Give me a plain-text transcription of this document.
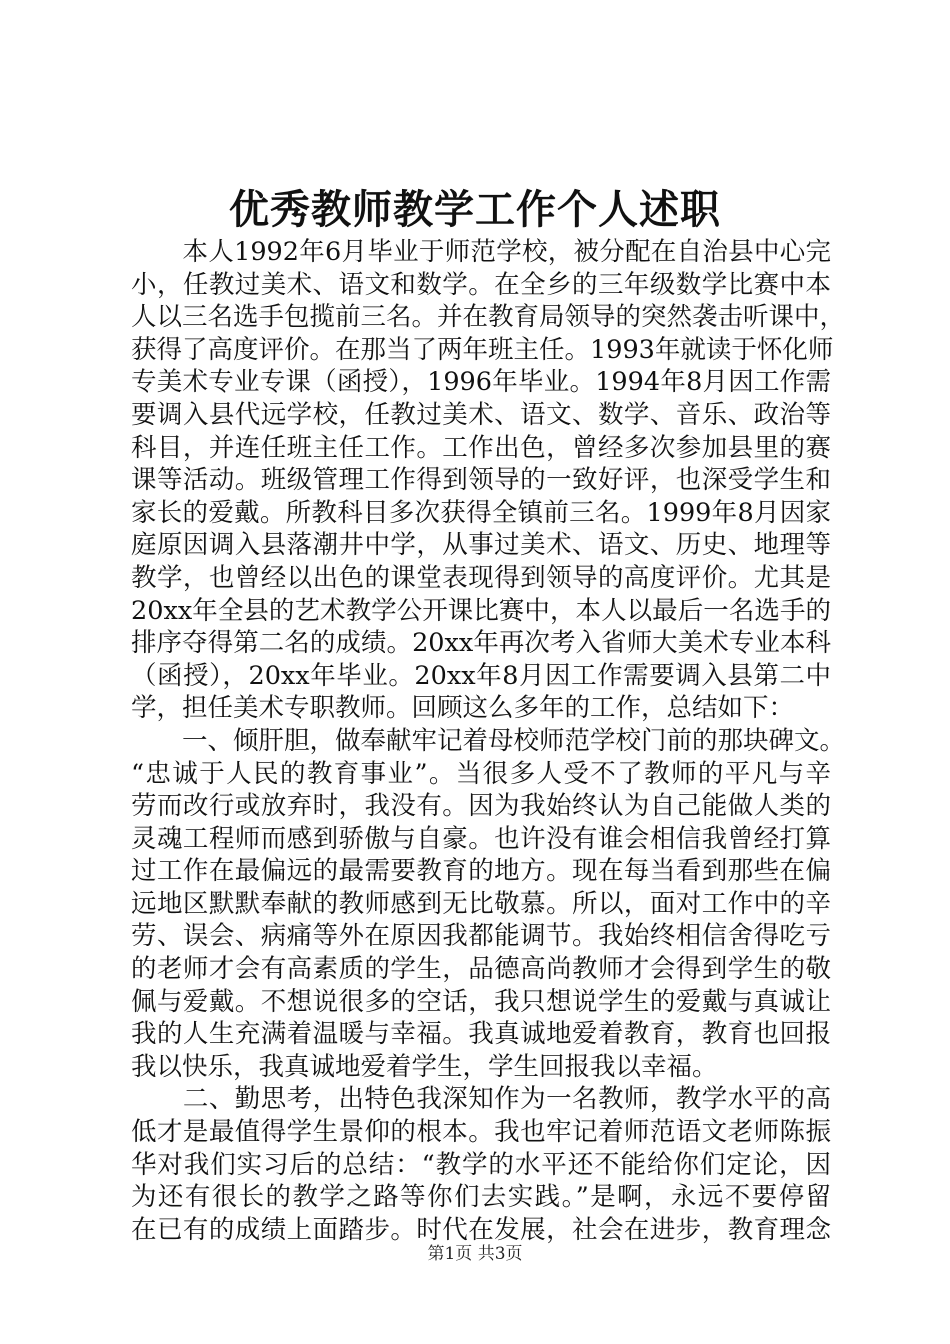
优秀教师教学工作个人述职
　　本人1992年6月毕业于师范学校，被分配在自治县中心完
小，任教过美术、语文和数学。在全乡的三年级数学比赛中本
人以三名选手包揽前三名。并在教育局领导的突然袭击听课中，
获得了高度评价。在那当了两年班主任。1993年就读于怀化师
专美术专业专课（函授），1996年毕业。1994年8月因工作需
要调入县代远学校，任教过美术、语文、数学、音乐、政治等
科目，并连任班主任工作。工作出色，曾经多次参加县里的赛
课等活动。班级管理工作得到领导的一致好评，也深受学生和
家长的爱戴。所教科目多次获得全镇前三名。1999年8月因家
庭原因调入县落潮井中学，从事过美术、语文、历史、地理等
教学，也曾经以出色的课堂表现得到领导的高度评价。尤其是
20xx年全县的艺术教学公开课比赛中，本人以最后一名选手的
排序夺得第二名的成绩。20xx年再次考入省师大美术专业本科
（函授），20xx年毕业。20xx年8月因工作需要调入县第二中
学，担任美术专职教师。回顾这么多年的工作，总结如下：
　　一、倾肝胆，做奉献牢记着母校师范学校门前的那块碑文。
“忠诚于人民的教育事业”。当很多人受不了教师的平凡与辛
劳而改行或放弃时，我没有。因为我始终认为自己能做人类的
灵魂工程师而感到骄傲与自豪。也许没有谁会相信我曾经打算
过工作在最偏远的最需要教育的地方。现在每当看到那些在偏
远地区默默奉献的教师感到无比敬慕。所以，面对工作中的辛
劳、误会、病痛等外在原因我都能调节。我始终相信舍得吃亏
的老师才会有高素质的学生，品德高尚教师才会得到学生的敬
佩与爱戴。不想说很多的空话，我只想说学生的爱戴与真诚让
我的人生充满着温暖与幸福。我真诚地爱着教育，教育也回报
我以快乐，我真诚地爱着学生，学生回报我以幸福。
　　二、勤思考，出特色我深知作为一名教师，教学水平的高
低才是最值得学生景仰的根本。我也牢记着师范语文老师陈振
华对我们实习后的总结：“教学的水平还不能给你们定论，因
为还有很长的教学之路等你们去实践。”是啊，永远不要停留
在已有的成绩上面踏步。时代在发展，社会在进步，教育理念
第1页 共3页
